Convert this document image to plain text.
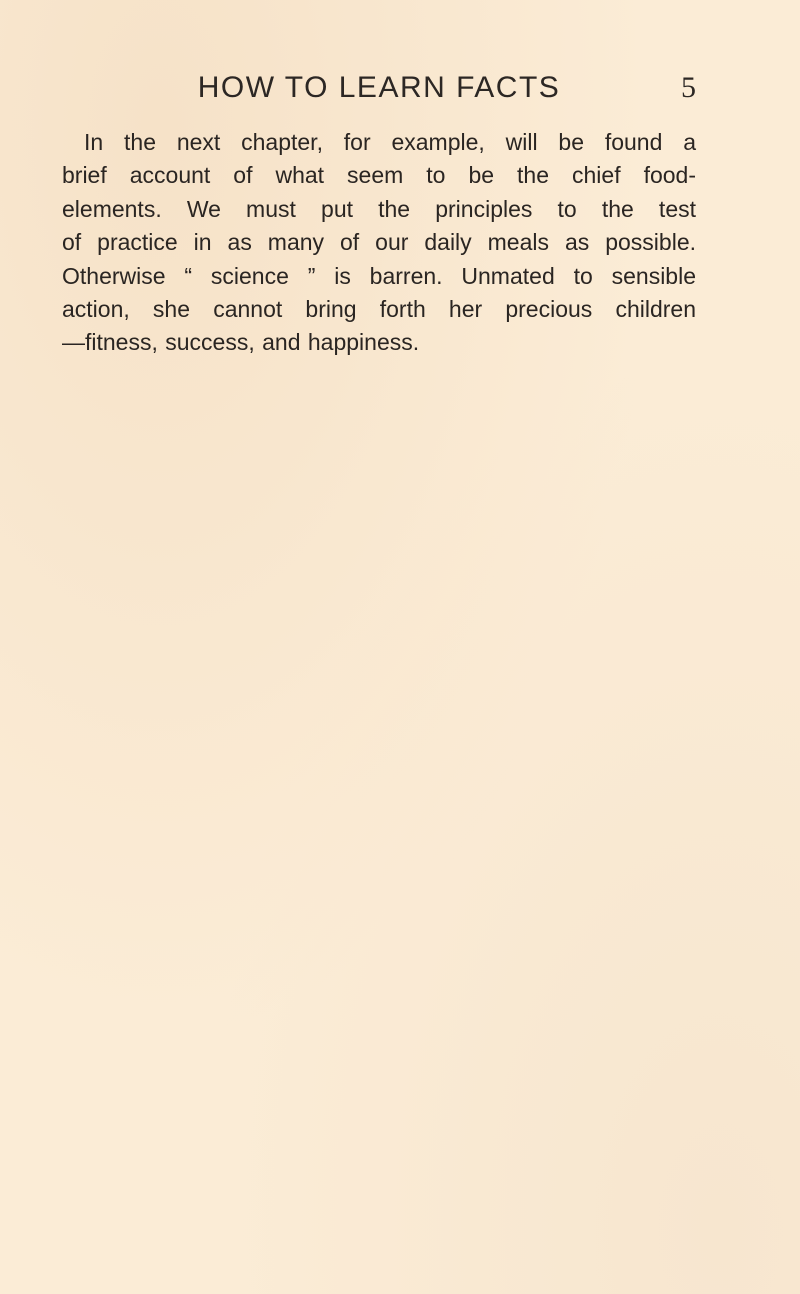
HOW TO LEARN FACTS	5

In the next chapter, for example, will be found a
brief account of what seem to be the chief food-
elements. We must put the principles to the test
of practice in as many of our daily meals as possible.
Otherwise “ science ” is barren. Unmated to sensible
action, she cannot bring forth her precious children
—fitness, success, and happiness.
